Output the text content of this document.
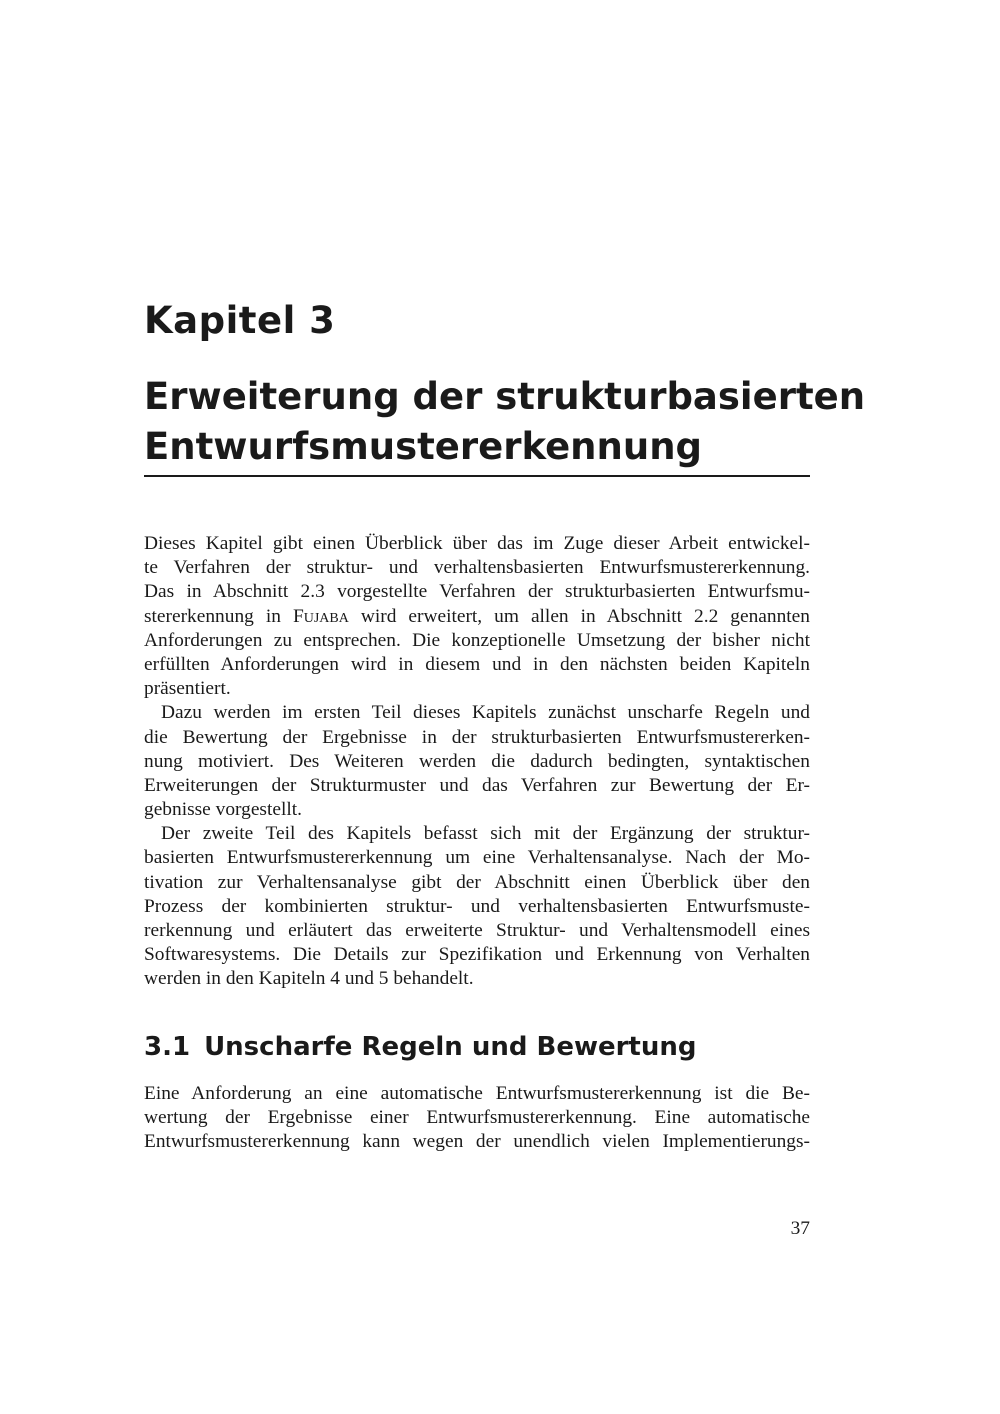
Kapitel 3
Erweiterung der strukturbasierten
Entwurfsmustererkennung
Dieses Kapitel gibt einen Überblick über das im Zuge dieser Arbeit entwickel-
te Verfahren der struktur- und verhaltensbasierten Entwurfsmustererkennung.
Das in Abschnitt 2.3 vorgestellte Verfahren der strukturbasierten Entwurfsmu-
stererkennung in Fujaba wird erweitert, um allen in Abschnitt 2.2 genannten
Anforderungen zu entsprechen. Die konzeptionelle Umsetzung der bisher nicht
erfüllten Anforderungen wird in diesem und in den nächsten beiden Kapiteln
präsentiert.
Dazu werden im ersten Teil dieses Kapitels zunächst unscharfe Regeln und
die Bewertung der Ergebnisse in der strukturbasierten Entwurfsmustererken-
nung motiviert. Des Weiteren werden die dadurch bedingten, syntaktischen
Erweiterungen der Strukturmuster und das Verfahren zur Bewertung der Er-
gebnisse vorgestellt.
Der zweite Teil des Kapitels befasst sich mit der Ergänzung der struktur-
basierten Entwurfsmustererkennung um eine Verhaltensanalyse. Nach der Mo-
tivation zur Verhaltensanalyse gibt der Abschnitt einen Überblick über den
Prozess der kombinierten struktur- und verhaltensbasierten Entwurfsmuste-
rerkennung und erläutert das erweiterte Struktur- und Verhaltensmodell eines
Softwaresystems. Die Details zur Spezifikation und Erkennung von Verhalten
werden in den Kapiteln 4 und 5 behandelt.
3.1 Unscharfe Regeln und Bewertung
Eine Anforderung an eine automatische Entwurfsmustererkennung ist die Be-
wertung der Ergebnisse einer Entwurfsmustererkennung. Eine automatische
Entwurfsmustererkennung kann wegen der unendlich vielen Implementierungs-
37
